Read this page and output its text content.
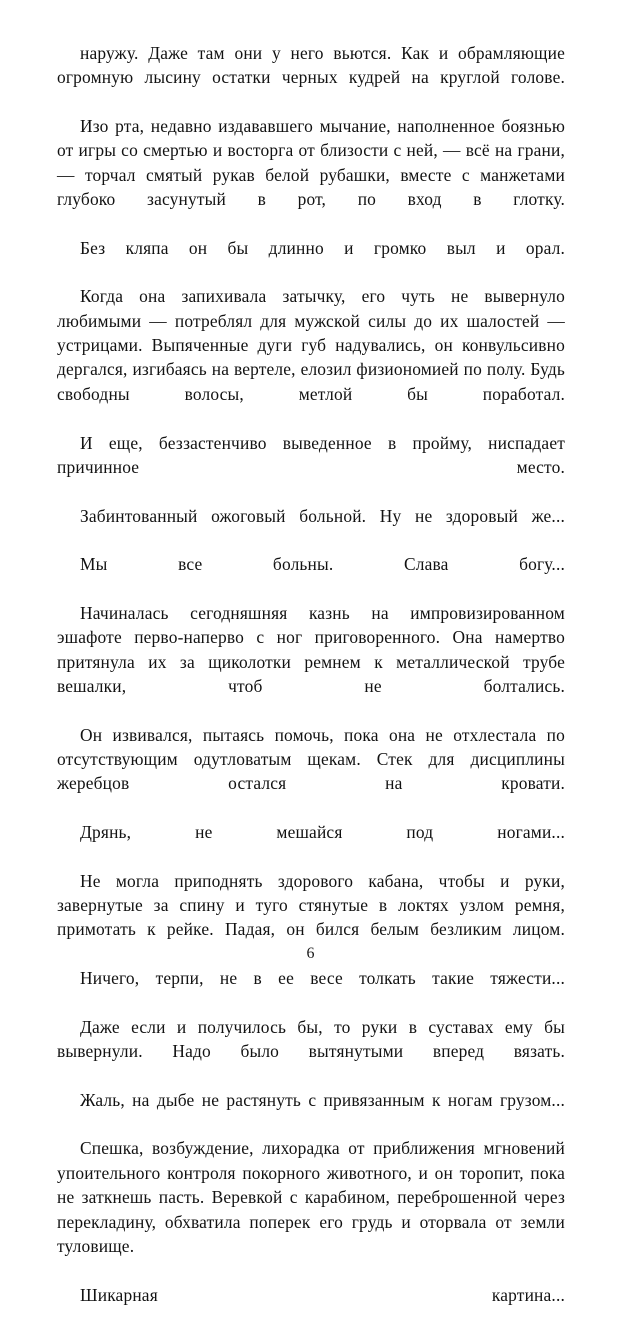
наружу. Даже там они у него вьются. Как и обрамляющие огромную лысину остатки черных кудрей на круглой голове.

Изо рта, недавно издававшего мычание, наполненное боязнью от игры со смертью и восторга от близости с ней, — всё на грани, — торчал смятый рукав белой рубашки, вместе с манжетами глубоко засунутый в рот, по вход в глотку.

Без кляпа он бы длинно и громко выл и орал.

Когда она запихивала затычку, его чуть не вывернуло любимыми — потреблял для мужской силы до их шалостей — устрицами. Выпяченные дуги губ надувались, он конвульсивно дергался, изгибаясь на вертеле, елозил физиономией по полу. Будь свободны волосы, метлой бы поработал.

И еще, беззастенчиво выведенное в пройму, ниспадает причинное место.

Забинтованный ожоговый больной. Ну не здоровый же...

Мы все больны. Слава богу...

Начиналась сегодняшняя казнь на импровизированном эшафоте перво-наперво с ног приговоренного. Она намертво притянула их за щиколотки ремнем к металлической трубе вешалки, чтоб не болтались.

Он извивался, пытаясь помочь, пока она не отхлестала по отсутствующим одутловатым щекам. Стек для дисциплины жеребцов остался на кровати.

Дрянь, не мешайся под ногами...

Не могла приподнять здорового кабана, чтобы и руки, завернутые за спину и туго стянутые в локтях узлом ремня, примотать к рейке. Падая, он бился белым безликим лицом.

Ничего, терпи, не в ее весе толкать такие тяжести...

Даже если и получилось бы, то руки в суставах ему бы вывернули. Надо было вытянутыми вперед вязать.

Жаль, на дыбе не растянуть с привязанным к ногам грузом...

Спешка, возбуждение, лихорадка от приближения мгновений упоительного контроля покорного животного, и он торопит, пока не заткнешь пасть. Веревкой с карабином, переброшенной через перекладину, обхватила поперек его грудь и оторвала от земли туловище.

Шикарная картина...

6
